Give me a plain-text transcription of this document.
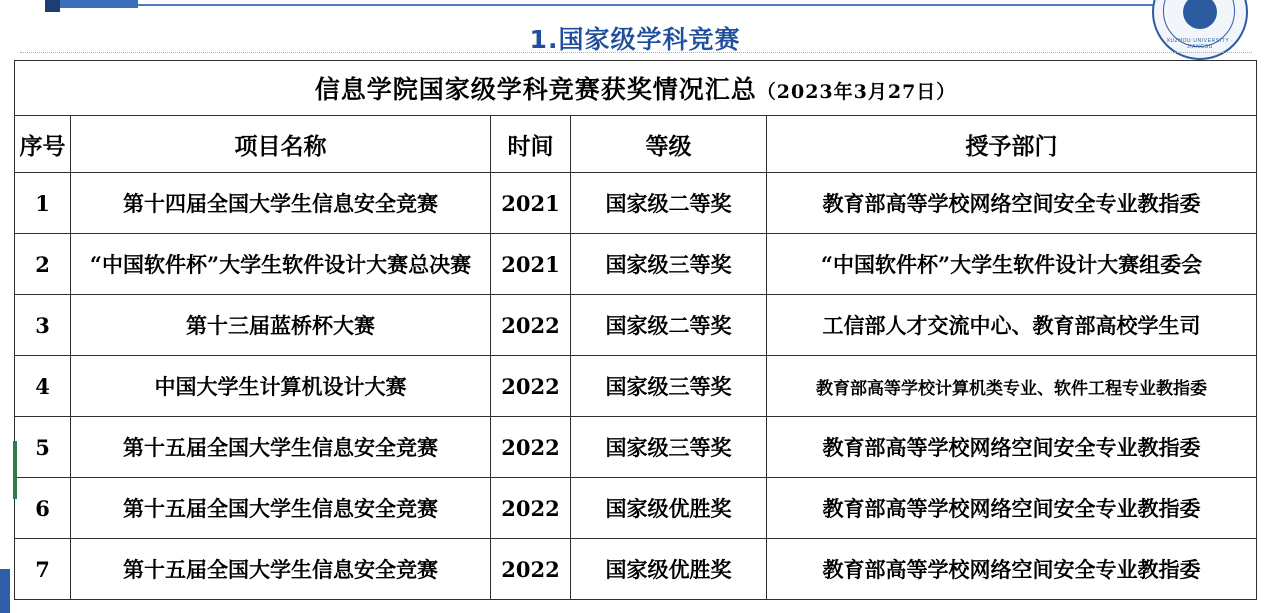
XUZHOU UNIVERSITY · JIANGSU
1.国家级学科竞赛
信息学院国家级学科竞赛获奖情况汇总（2023年3月27日）				
序号	项目名称	时间	等级	授予部门
1	第十四届全国大学生信息安全竞赛	2021	国家级二等奖	教育部高等学校网络空间安全专业教指委
2	“中国软件杯”大学生软件设计大赛总决赛	2021	国家级三等奖	“中国软件杯”大学生软件设计大赛组委会
3	第十三届蓝桥杯大赛	2022	国家级二等奖	工信部人才交流中心、教育部高校学生司
4	中国大学生计算机设计大赛	2022	国家级三等奖	教育部高等学校计算机类专业、软件工程专业教指委
5	第十五届全国大学生信息安全竞赛	2022	国家级三等奖	教育部高等学校网络空间安全专业教指委
6	第十五届全国大学生信息安全竞赛	2022	国家级优胜奖	教育部高等学校网络空间安全专业教指委
7	第十五届全国大学生信息安全竞赛	2022	国家级优胜奖	教育部高等学校网络空间安全专业教指委
